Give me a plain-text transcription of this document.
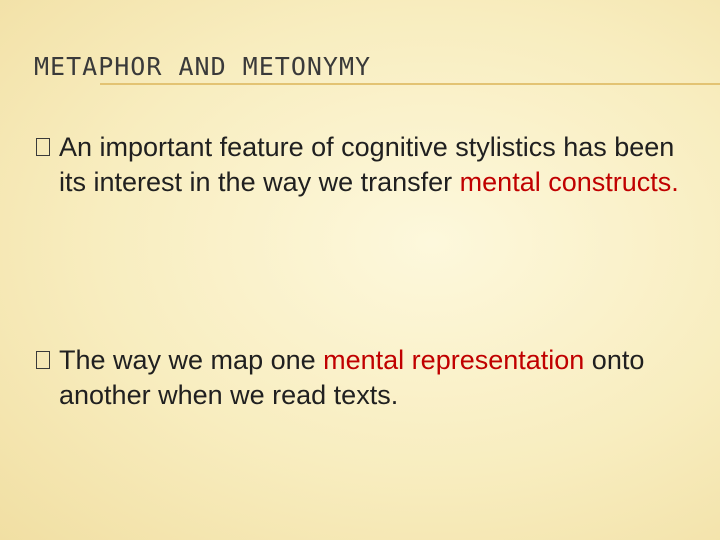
METAPHOR AND METONYMY
An important feature of cognitive stylistics has been its interest in the way we transfer mental constructs.
The way we map one mental representation onto another when we read texts.
